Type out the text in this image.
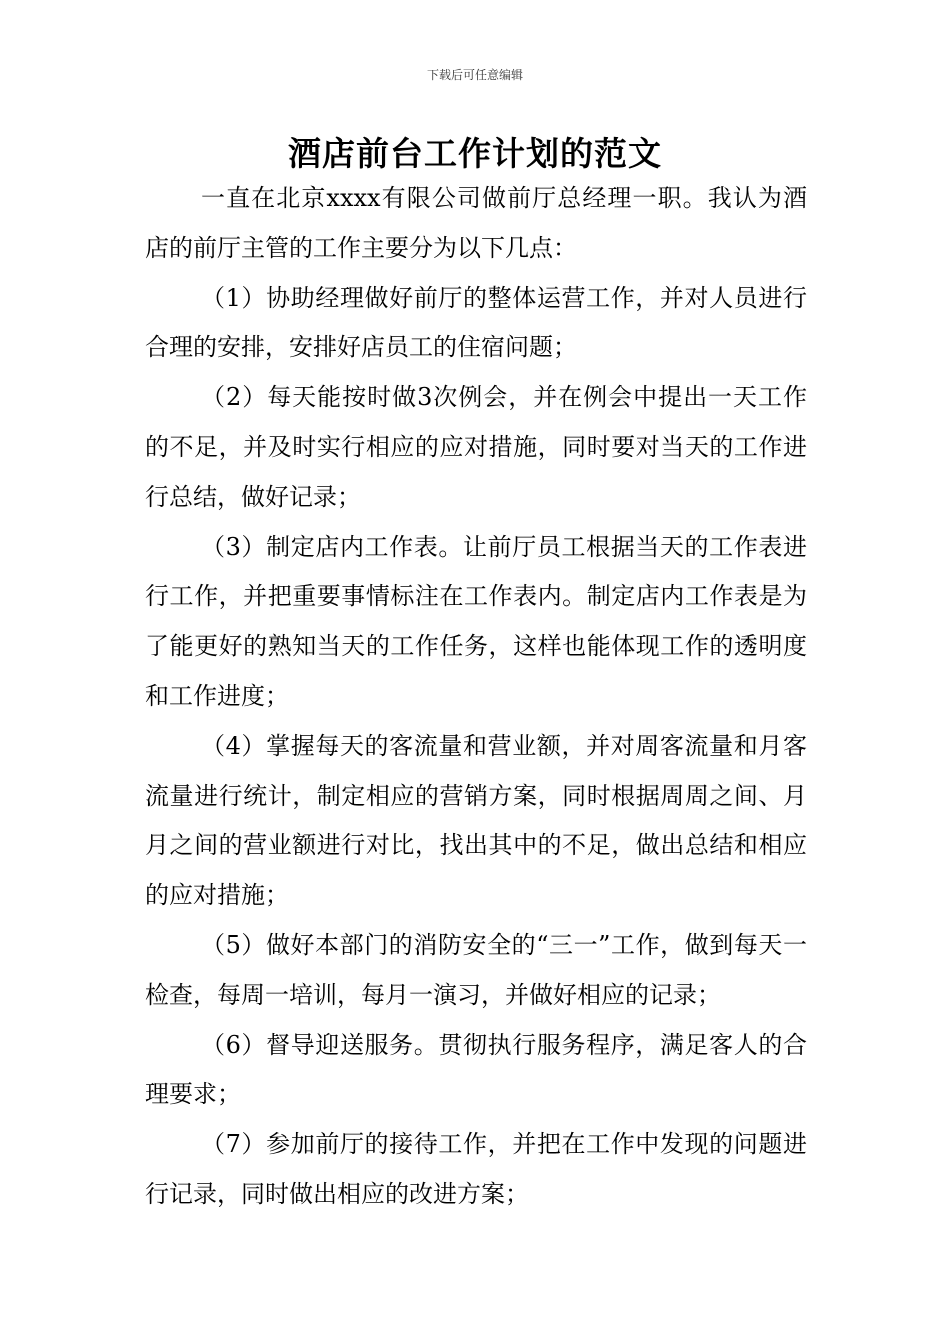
下载后可任意编辑
酒店前台工作计划的范文

一直在北京xxxx有限公司做前厅总经理一职。我认为酒店的前厅主管的工作主要分为以下几点：

（1）协助经理做好前厅的整体运营工作，并对人员进行合理的安排，安排好店员工的住宿问题；

（2）每天能按时做3次例会，并在例会中提出一天工作的不足，并及时实行相应的应对措施，同时要对当天的工作进行总结，做好记录；

（3）制定店内工作表。让前厅员工根据当天的工作表进行工作，并把重要事情标注在工作表内。制定店内工作表是为了能更好的熟知当天的工作任务，这样也能体现工作的透明度和工作进度；

（4）掌握每天的客流量和营业额，并对周客流量和月客流量进行统计，制定相应的营销方案，同时根据周周之间、月月之间的营业额进行对比，找出其中的不足，做出总结和相应的应对措施；

（5）做好本部门的消防安全的“三一”工作，做到每天一检查，每周一培训，每月一演习，并做好相应的记录；

（6）督导迎送服务。贯彻执行服务程序，满足客人的合理要求；

（7）参加前厅的接待工作，并把在工作中发现的问题进行记录，同时做出相应的改进方案；
